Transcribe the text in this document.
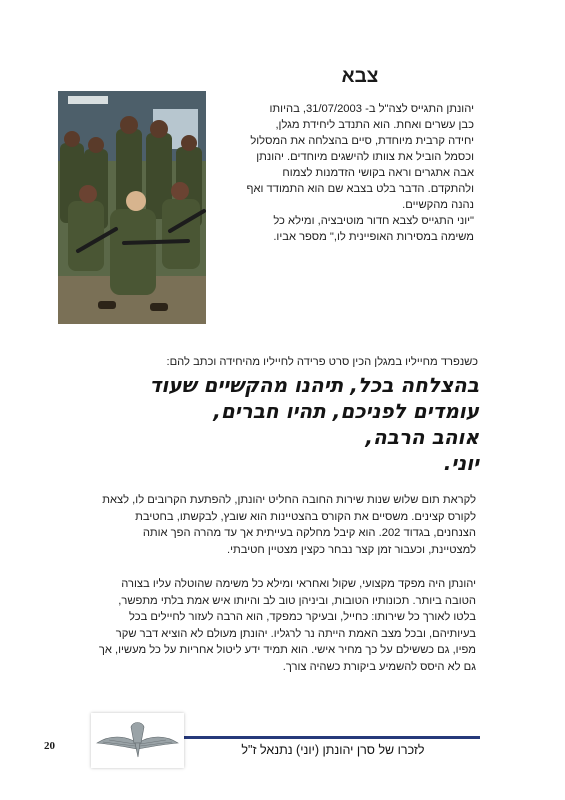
צבא

יהונתן התגייס לצה"ל ב- 31/07/2003, בהיותו

כבן עשרים ואחת. הוא התנדב ליחידת מגלן,

יחידה קרבית מיוחדת, סיים בהצלחה את המסלול

וכסמל הוביל את צוותו להישגים מיוחדים. יהונתן

אבה אתגרים וראה בקושי הזדמנות לצמוח

ולהתקדם. הדבר בלט בצבא שם הוא התמודד ואף

נהנה מהקשיים.

"יוני התגייס לצבא חדור מוטיבציה, ומילא כל

משימה במסירות האופיינית לו," מספר אביו.

כשנפרד מחייליו במגלן הכין סרט פרידה לחייליו מהיחידה וכתב להם:
בהצלחה בכל, תיהנו מהקשיים שעוד
עומדים לפניכם, תהיו חברים,
אוהב הרבה,
יוני.
לקראת תום שלוש שנות שירות החובה החליט יהונתן, להפתעת הקרובים לו, לצאת לקורס קצינים. משסיים את הקורס בהצטיינות הוא שובץ, לבקשתו, בחטיבת הצנחנים, בגדוד 202. הוא קיבל מחלקה בעייתית אך עד מהרה הפך אותה למצטיינת, וכעבור זמן קצר נבחר כקצין מצטיין חטיבתי.
יהונתן היה מפקד מקצועי, שקול ואחראי ומילא כל משימה שהוטלה עליו בצורה הטובה ביותר. תכונותיו הטובות, וביניהן טוב לב והיותו איש אמת בלתי מתפשר, בלטו לאורך כל שירותו: כחייל, ובעיקר כמפקד, הוא הרבה לעזור לחיילים בכל בעיותיהם, ובכל מצב האמת הייתה נר לרגליו. יהונתן מעולם לא הוציא דבר שקר מפיו, גם כששילם על כך מחיר אישי. הוא תמיד ידע ליטול אחריות על כל מעשיו, אך גם לא היסס להשמיע ביקורת כשהיה צורך.
20	לזכרו של סרן יהונתן (יוני) נתנאל ז"ל
